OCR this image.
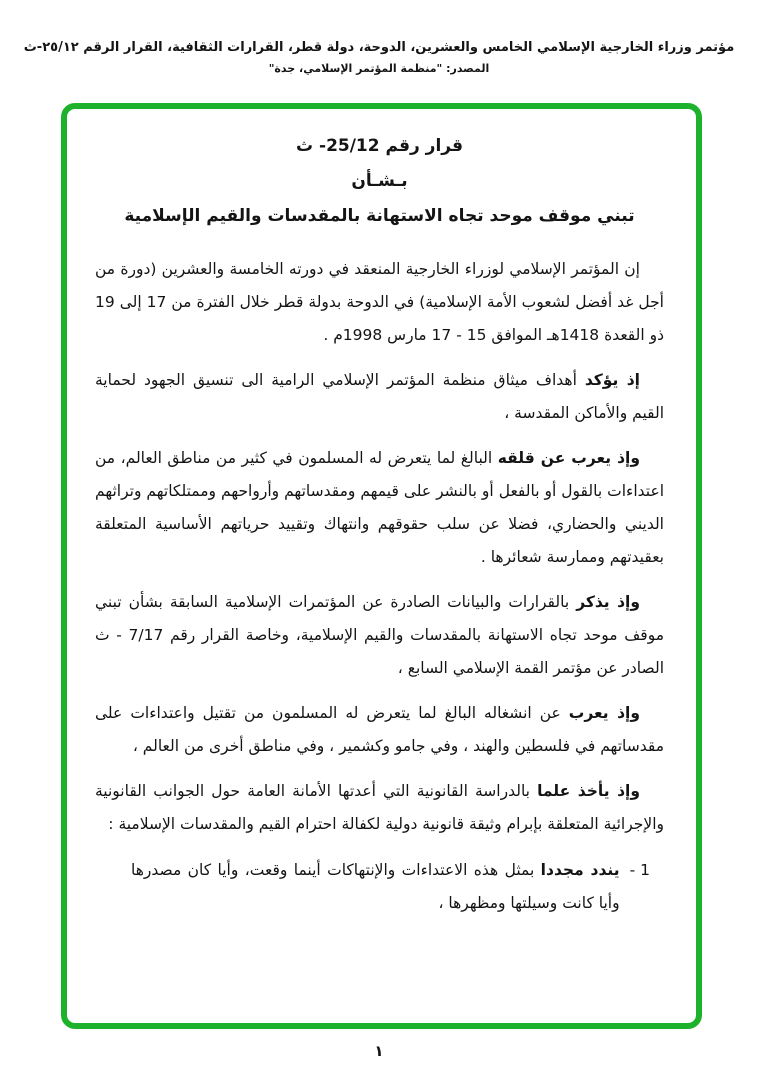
مؤتمر وزراء الخارجية الإسلامي الخامس والعشرين، الدوحة، دولة قطر، القرارات الثقافية، القرار الرقم ٢٥/١٢-ث
المصدر: "منظمة المؤتمر الإسلامي، جدة"
قرار رقم 25/12- ث
بـشـأن
تبني موقف موحد تجاه الاستهانة بالمقدسات والقيم الإسلامية

إن المؤتمر الإسلامي لوزراء الخارجية المنعقد في دورته الخامسة والعشرين (دورة من أجل غد أفضل لشعوب الأمة الإسلامية) في الدوحة بدولة قطر خلال الفترة من 17 إلى 19 ذو القعدة 1418هـ الموافق 15 - 17 مارس 1998م .

إذ يؤكد أهداف ميثاق منظمة المؤتمر الإسلامي الرامية الى تنسيق الجهود لحماية القيم والأماكن المقدسة ،

وإذ يعرب عن قلقه البالغ لما يتعرض له المسلمون في كثير من مناطق العالم، من اعتداءات بالقول أو بالفعل أو بالنشر على قيمهم ومقدساتهم وأرواحهم وممتلكاتهم وتراثهم الديني والحضاري، فضلا عن سلب حقوقهم وانتهاك وتقييد حرياتهم الأساسية المتعلقة بعقيدتهم وممارسة شعائرها .

وإذ يذكر بالقرارات والبيانات الصادرة عن المؤتمرات الإسلامية السابقة بشأن تبني موقف موحد تجاه الاستهانة بالمقدسات والقيم الإسلامية، وخاصة القرار رقم 7/17 - ث الصادر عن مؤتمر القمة الإسلامي السابع ،

وإذ يعرب عن انشغاله البالغ لما يتعرض له المسلمون من تقتيل واعتداءات على مقدساتهم في فلسطين والهند ، وفي جامو وكشمير ، وفي مناطق أخرى من العالم ،

وإذ يأخذ علما بالدراسة القانونية التي أعدتها الأمانة العامة حول الجوانب القانونية والإجرائية المتعلقة بإبرام وثيقة قانونية دولية لكفالة احترام القيم والمقدسات الإسلامية :

1 -
يندد مجددا بمثل هذه الاعتداءات والإنتهاكات أينما وقعت، وأيا كان مصدرها وأيا كانت وسيلتها ومظهرها ،
١
